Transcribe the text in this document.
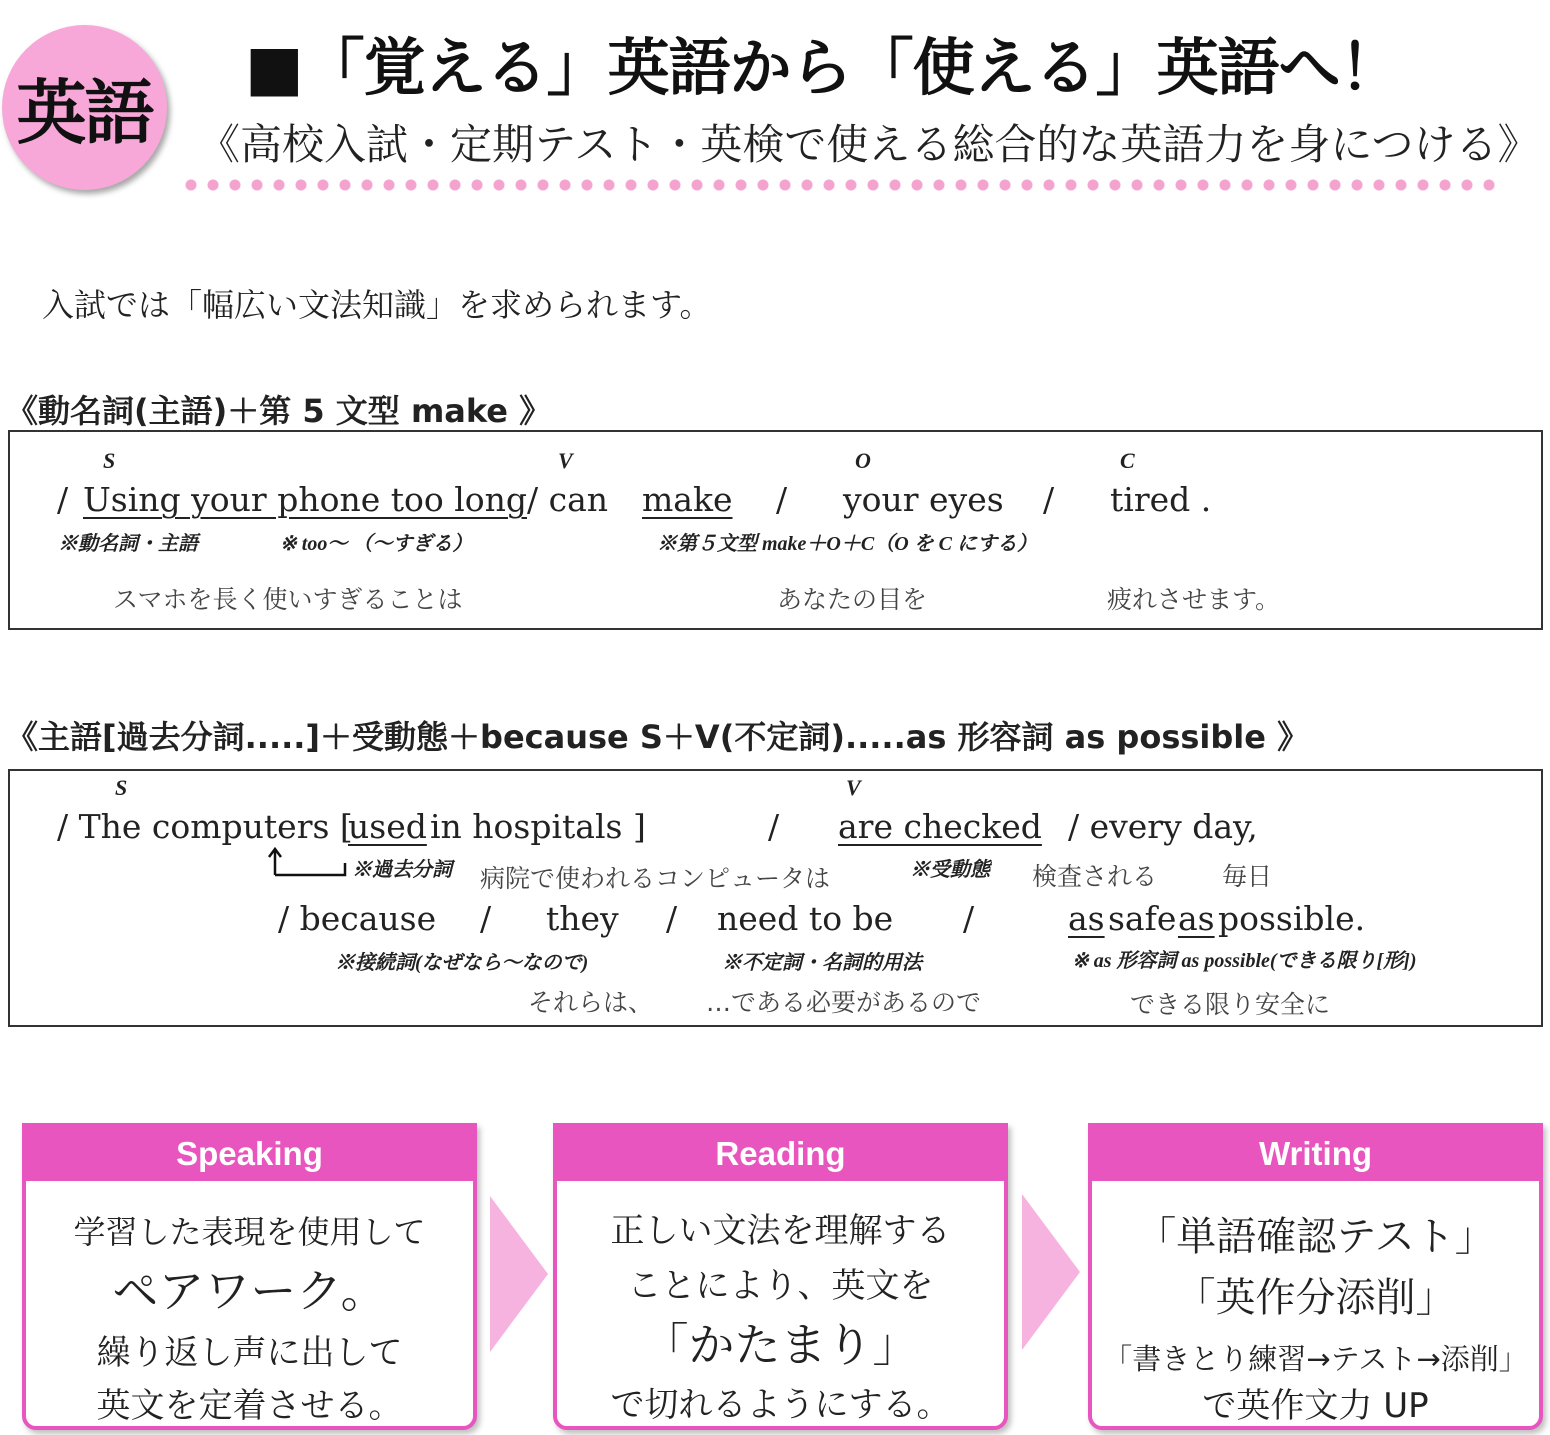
英語
■「覚える」英語から「使える」英語へ！
《高校入試・定期テスト・英検で使える総合的な英語力を身につける》
入試では「幅広い文法知識」を求められます。
《動名詞(主語)＋第 5 文型 make 》
S	V	O	C
/ Using your phone too long / can make / your eyes / tired .
※動名詞・主語	※ too～ （～すぎる）	※第５文型 make＋O＋C（O を C にする）
スマホを長く使いすぎることは	あなたの目を	疲れさせます。
《主語[過去分詞.....]＋受動態＋because S＋V(不定詞).....as 形容詞 as possible 》
S	V
/ The computers [
used in hospitals ]	/ are checked / every day,
※過去分詞	※受動態
病院で使われるコンピュータは	検査される	毎日
/ because / they / need to be /	as safe as possible.
※接続詞(なぜなら～なので)	※不定詞・名詞的用法	※ as 形容詞 as possible(できる限り[形])
それらは、 …である必要があるので	できる限り安全に
Speaking
学習した表現を使用して
ペアワーク。
繰り返し声に出して
英文を定着させる。
Reading
正しい文法を理解する
ことにより、英文を
「かたまり」
で切れるようにする。
Writing
「単語確認テスト」
「英作分添削」
「書きとり練習→テスト→添削」
で英作文力 UP
